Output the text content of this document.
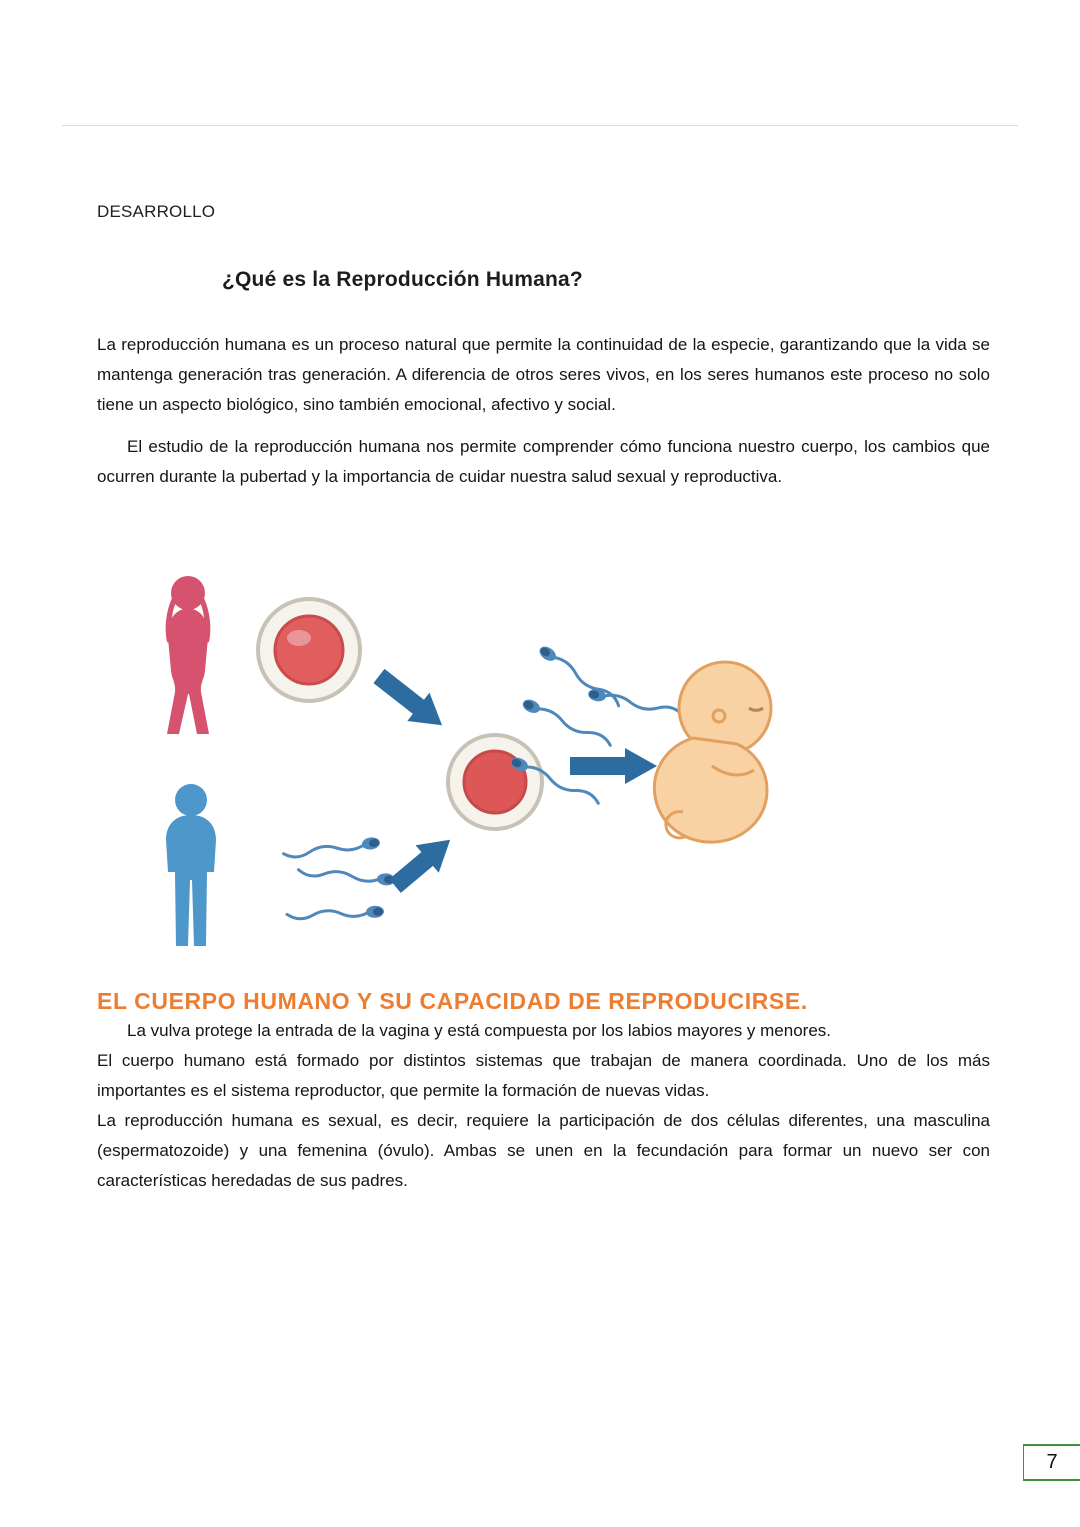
DESARROLLO
¿Qué es la Reproducción Humana?

La reproducción humana es un proceso natural que permite la continuidad de la especie, garantizando que la vida se mantenga generación tras generación. A diferencia de otros seres vivos, en los seres humanos este proceso no solo tiene un aspecto biológico, sino también emocional, afectivo y social.

El estudio de la reproducción humana nos permite comprender cómo funciona nuestro cuerpo, los cambios que ocurren durante la pubertad y la importancia de cuidar nuestra salud sexual y reproductiva.

EL CUERPO HUMANO Y SU CAPACIDAD DE REPRODUCIRSE.

La vulva protege la entrada de la vagina y está compuesta por los labios mayores y menores.

El cuerpo humano está formado por distintos sistemas que trabajan de manera coordinada. Uno de los más importantes es el sistema reproductor, que permite la formación de nuevas vidas.

La reproducción humana es sexual, es decir, requiere la participación de dos células diferentes, una masculina (espermatozoide) y una femenina (óvulo). Ambas se unen en la fecundación para formar un nuevo ser con características heredadas de sus padres.

7
